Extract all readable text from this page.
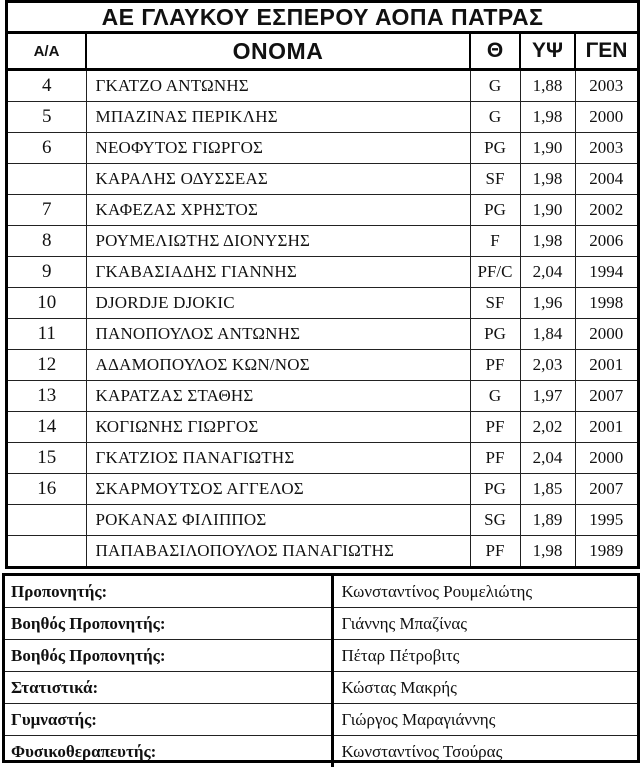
ΑΕ ΓΛΑΥΚΟΥ ΕΣΠΕΡΟΥ ΑΟΠΑ ΠΑΤΡΑΣ
Α/Α	ΟΝΟΜΑ	Θ	ΥΨ	ΓΕΝ
4	ΓΚΑΤΖΟ ΑΝΤΩΝΗΣ	G	1,88	2003
5	ΜΠΑΖΙΝΑΣ ΠΕΡΙΚΛΗΣ	G	1,98	2000
6	ΝΕΟΦΥΤΟΣ ΓΙΩΡΓΟΣ	PG	1,90	2003
	ΚΑΡΑΛΗΣ ΟΔΥΣΣΕΑΣ	SF	1,98	2004
7	ΚΑΦΕΖΑΣ ΧΡΗΣΤΟΣ	PG	1,90	2002
8	ΡΟΥΜΕΛΙΩΤΗΣ ΔΙΟΝΥΣΗΣ	F	1,98	2006
9	ΓΚΑΒΑΣΙΑΔΗΣ ΓΙΑΝΝΗΣ	PF/C	2,04	1994
10	DJORDJE DJOKIC	SF	1,96	1998
11	ΠΑΝΟΠΟΥΛΟΣ ΑΝΤΩΝΗΣ	PG	1,84	2000
12	ΑΔΑΜΟΠΟΥΛΟΣ ΚΩΝ/ΝΟΣ	PF	2,03	2001
13	ΚΑΡΑΤΖΑΣ ΣΤΑΘΗΣ	G	1,97	2007
14	ΚΟΓΙΩΝΗΣ ΓΙΩΡΓΟΣ	PF	2,02	2001
15	ΓΚΑΤΖΙΟΣ ΠΑΝΑΓΙΩΤΗΣ	PF	2,04	2000
16	ΣΚΑΡΜΟΥΤΣΟΣ ΑΓΓΕΛΟΣ	PG	1,85	2007
	ΡΟΚΑΝΑΣ ΦΙΛΙΠΠΟΣ	SG	1,89	1995
	ΠΑΠΑΒΑΣΙΛΟΠΟΥΛΟΣ ΠΑΝΑΓΙΩΤΗΣ	PF	1,98	1989
Προπονητής:	Κωνσταντίνος Ρουμελιώτης
Βοηθός Προπονητής:	Γιάννης Μπαζίνας
Βοηθός Προπονητής:	Πέταρ Πέτροβιτς
Στατιστικά:	Κώστας Μακρής
Γυμναστής:	Γιώργος Μαραγιάννης
Φυσικοθεραπευτής:	Κωνσταντίνος Τσούρας
